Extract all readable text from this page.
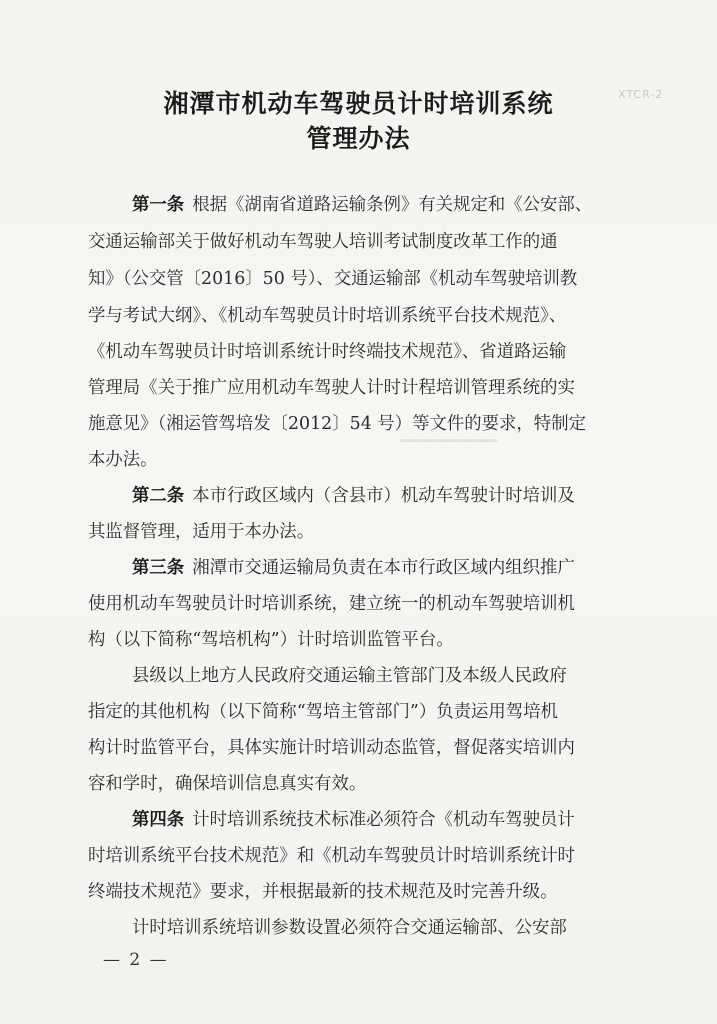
▔▔▔▔▔▔▔
XTCR-2
湘潭市机动车驾驶员计时培训系统
管理办法
第一条 根据《湖南省道路运输条例》有关规定和《公安部、
交通运输部关于做好机动车驾驶人培训考试制度改革工作的通
知》（公交管〔2016〕50 号）、交通运输部《机动车驾驶培训教
学与考试大纲》、《机动车驾驶员计时培训系统平台技术规范》、
《机动车驾驶员计时培训系统计时终端技术规范》、省道路运输
管理局《关于推广应用机动车驾驶人计时计程培训管理系统的实
施意见》（湘运管驾培发〔2012〕54 号）等文件的要求，特制定
本办法。
第二条 本市行政区域内（含县市）机动车驾驶计时培训及
其监督管理，适用于本办法。
第三条 湘潭市交通运输局负责在本市行政区域内组织推广
使用机动车驾驶员计时培训系统，建立统一的机动车驾驶培训机
构（以下简称“驾培机构”）计时培训监管平台。
县级以上地方人民政府交通运输主管部门及本级人民政府
指定的其他机构（以下简称“驾培主管部门”）负责运用驾培机
构计时监管平台，具体实施计时培训动态监管，督促落实培训内
容和学时，确保培训信息真实有效。
第四条 计时培训系统技术标准必须符合《机动车驾驶员计
时培训系统平台技术规范》和《机动车驾驶员计时培训系统计时
终端技术规范》要求，并根据最新的技术规范及时完善升级。
计时培训系统培训参数设置必须符合交通运输部、公安部
— 2 —
